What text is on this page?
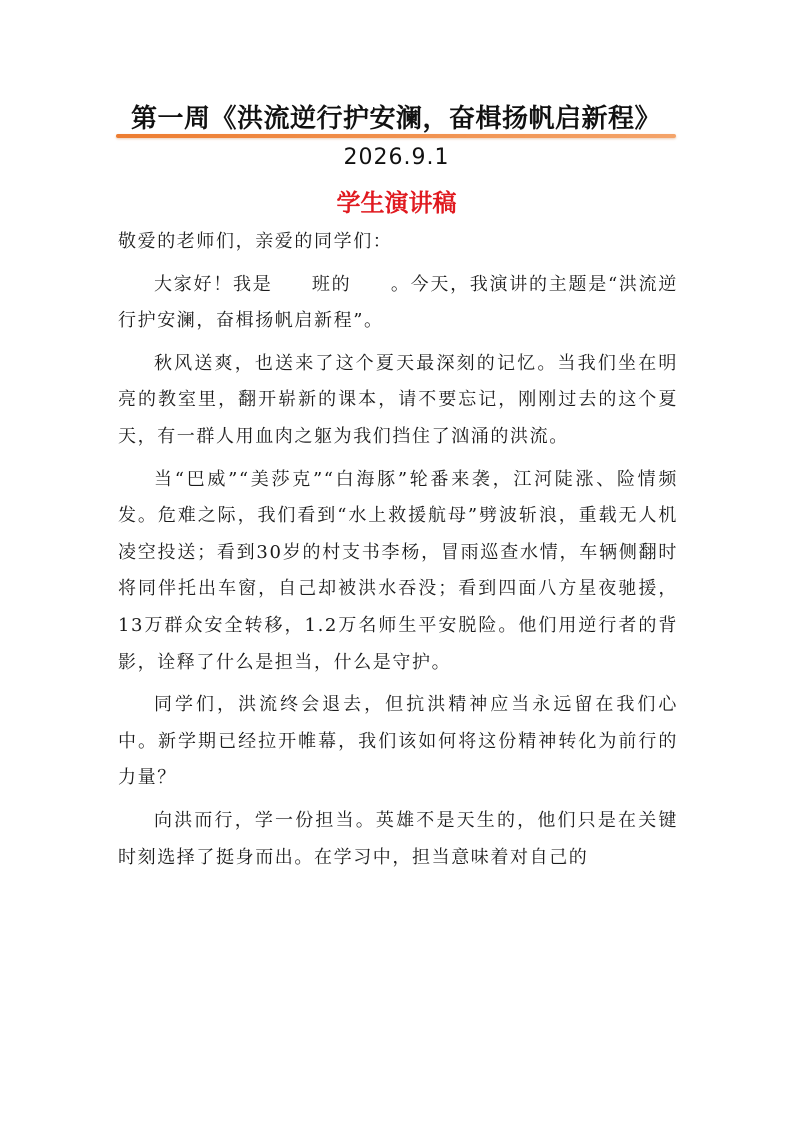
第一周《洪流逆行护安澜，奋楫扬帆启新程》
2026.9.1
学生演讲稿

敬爱的老师们，亲爱的同学们：

大家好！我是　　班的　　。今天，我演讲的主题是“洪流逆行护安澜，奋楫扬帆启新程”。

秋风送爽，也送来了这个夏天最深刻的记忆。当我们坐在明亮的教室里，翻开崭新的课本，请不要忘记，刚刚过去的这个夏天，有一群人用血肉之躯为我们挡住了汹涌的洪流。

当“巴威”“美莎克”“白海豚”轮番来袭，江河陡涨、险情频发。危难之际，我们看到“水上救援航母”劈波斩浪，重载无人机凌空投送；看到30岁的村支书李杨，冒雨巡查水情，车辆侧翻时将同伴托出车窗，自己却被洪水吞没；看到四面八方星夜驰援，13万群众安全转移，1.2万名师生平安脱险。他们用逆行者的背影，诠释了什么是担当，什么是守护。

同学们，洪流终会退去，但抗洪精神应当永远留在我们心中。新学期已经拉开帷幕，我们该如何将这份精神转化为前行的力量？

向洪而行，学一份担当。英雄不是天生的，他们只是在关键时刻选择了挺身而出。在学习中，担当意味着对自己的
